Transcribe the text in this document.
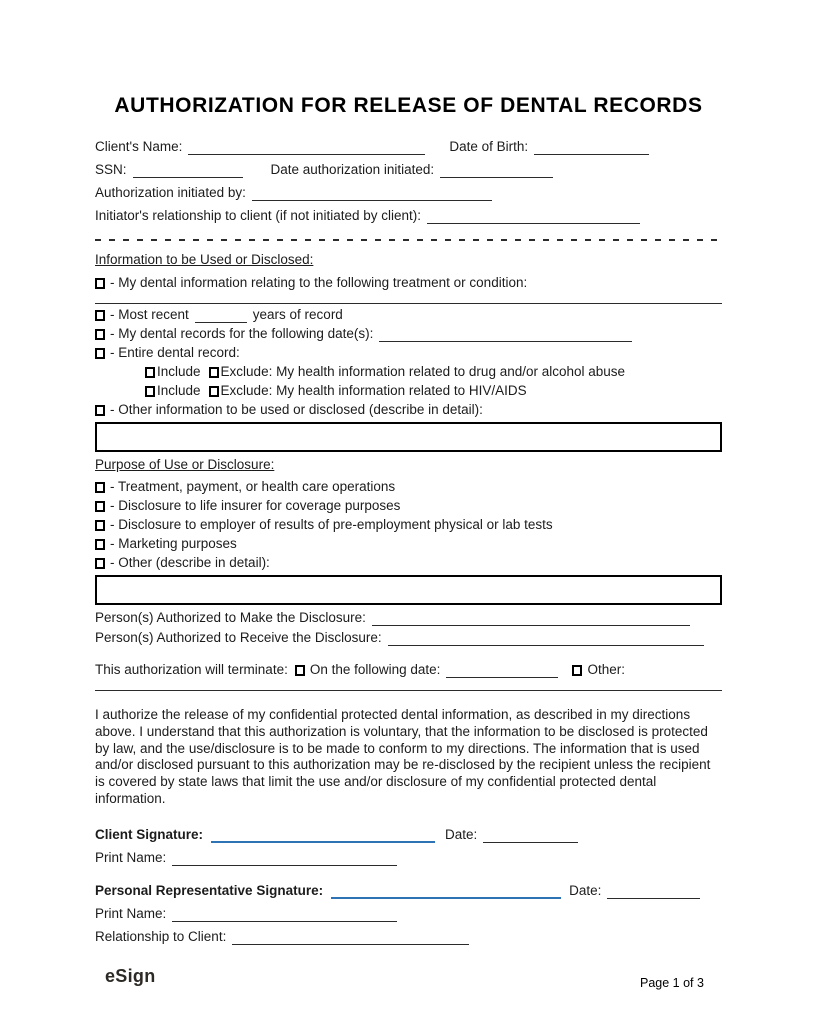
AUTHORIZATION FOR RELEASE OF DENTAL RECORDS
Client's Name:	Date of Birth:
SSN:	Date authorization initiated:
Authorization initiated by:
Initiator's relationship to client (if not initiated by client):
Information to be Used or Disclosed:
- My dental information relating to the following treatment or condition:
- Most recent	years of record
- My dental records for the following date(s):
- Entire dental record:
Include Exclude: My health information related to drug and/or alcohol abuse
Include Exclude: My health information related to HIV/AIDS
- Other information to be used or disclosed (describe in detail):
Purpose of Use or Disclosure:
- Treatment, payment, or health care operations
- Disclosure to life insurer for coverage purposes
- Disclosure to employer of results of pre-employment physical or lab tests
- Marketing purposes
- Other (describe in detail):
Person(s) Authorized to Make the Disclosure:
Person(s) Authorized to Receive the Disclosure:
This authorization will terminate: On the following date:	Other:

I authorize the release of my confidential protected dental information, as described in my directions above. I understand that this authorization is voluntary, that the information to be disclosed is protected by law, and the use/disclosure is to be made to conform to my directions. The information that is used and/or disclosed pursuant to this authorization may be re-disclosed by the recipient unless the recipient is covered by state laws that limit the use and/or disclosure of my confidential protected dental information.

Client Signature:	Date:
Print Name:
Personal Representative Signature:	Date:
Print Name:
Relationship to Client:
eSign	Page 1 of 3
